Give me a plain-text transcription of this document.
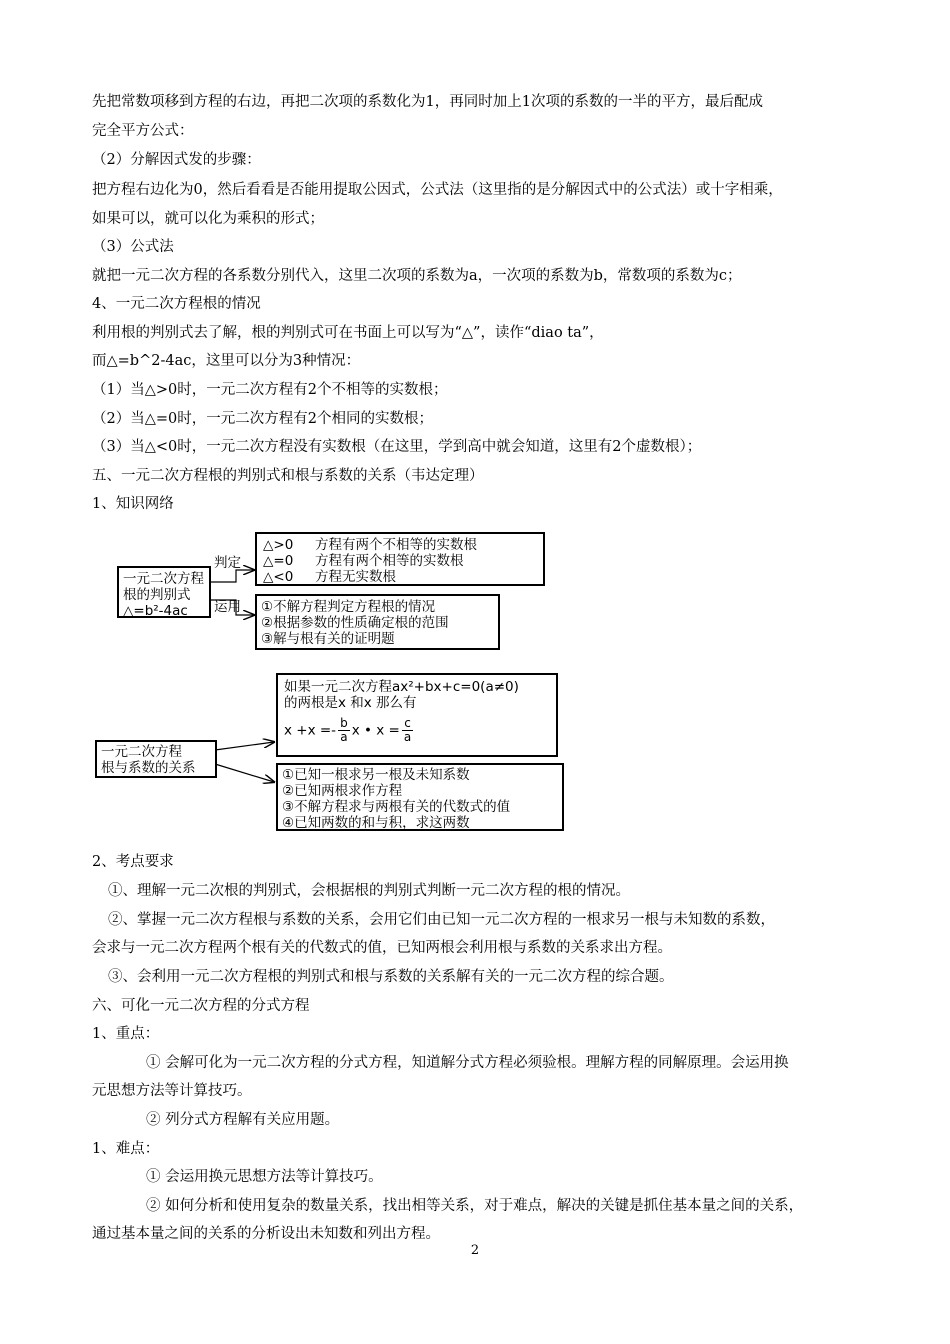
先把常数项移到方程的右边，再把二次项的系数化为1，再同时加上1次项的系数的一半的平方，最后配成
完全平方公式：
（2）分解因式发的步骤：
把方程右边化为0，然后看看是否能用提取公因式，公式法（这里指的是分解因式中的公式法）或十字相乘，
如果可以，就可以化为乘积的形式；
（3）公式法
就把一元二次方程的各系数分别代入，这里二次项的系数为a，一次项的系数为b，常数项的系数为c；
4、一元二次方程根的情况
利用根的判别式去了解，根的判别式可在书面上可以写为“△”，读作“diao ta”，
而△=b^2-4ac，这里可以分为3种情况：
（1）当△>0时，一元二次方程有2个不相等的实数根；
（2）当△=0时，一元二次方程有2个相同的实数根；
（3）当△<0时，一元二次方程没有实数根（在这里，学到高中就会知道，这里有2个虚数根）；
五、一元二次方程根的判别式和根与系数的关系（韦达定理）
1、知识网络
一元二次方程
根的判别式
△=b²-4ac
判定
运用
△>0 方程有两个不相等的实数根
△=0 方程有两个相等的实数根
△<0 方程无实数根
①不解方程判定方程根的情况
②根据参数的性质确定根的范围
③解与根有关的证明题
一元二次方程
根与系数的关系
如果一元二次方程ax²+bx+c=0(a≠0)
的两根是x 和x 那么有
$x +x =- \frac{b}{a}$ x • $x = \frac{c}{a}$
①已知一根求另一根及未知系数
②已知两根求作方程
③不解方程求与两根有关的代数式的值
④已知两数的和与积，求这两数
2、考点要求
①、理解一元二次根的判别式，会根据根的判别式判断一元二次方程的根的情况。
②、掌握一元二次方程根与系数的关系，会用它们由已知一元二次方程的一根求另一根与未知数的系数，
会求与一元二次方程两个根有关的代数式的值，已知两根会利用根与系数的关系求出方程。
③、会利用一元二次方程根的判别式和根与系数的关系解有关的一元二次方程的综合题。
六、可化一元二次方程的分式方程
1、重点：
① 会解可化为一元二次方程的分式方程，知道解分式方程必须验根。理解方程的同解原理。会运用换
元思想方法等计算技巧。
② 列分式方程解有关应用题。
1、难点：
① 会运用换元思想方法等计算技巧。
② 如何分析和使用复杂的数量关系，找出相等关系，对于难点，解决的关键是抓住基本量之间的关系，
通过基本量之间的关系的分析设出未知数和列出方程。
2
